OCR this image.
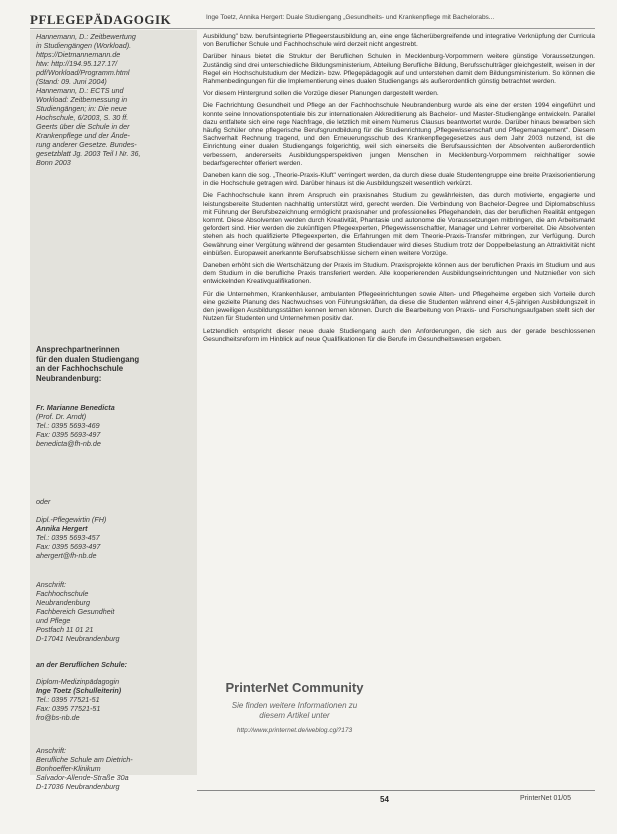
PFLEGEPÄDAGOGIK	Inge Toetz, Annika Hergert: Duale Studiengang „Gesundheits- und Krankenpflege mit Bachelorabs...
Hannemann, D.: Zeitbewertung
in Studiengängen (Workload).
https://Dietmannemann.de
htw: http://194.95.127.17/
pdf/Workload/Programm.html
(Stand: 09. Juni 2004)
Hannemann, D.: ECTS und
Workload: Zeitbemessung in
Studiengängen; in: Die neue
Hochschule, 6/2003, S. 30 ff.
Geerts über die Schule in der
Krankenpflege und der Ände-
rung anderer Gesetze. Bundes-
gesetzblatt Jg. 2003 Teil I Nr. 36,
Bonn 2003
Ansprechpartnerinnen
für den dualen Studiengang
an der Fachhochschule
Neubrandenburg:
Fr. Marianne Benedicta
(Prof. Dr. Arndt)
Tel.: 0395 5693-469
Fax: 0395 5693-497
benedicta@fh-nb.de
oder
Dipl.-Pflegewirtin (FH)
Annika Hergert
Tel.: 0395 5693-457
Fax: 0395 5693-497
ahergert@fh-nb.de
Anschrift:
Fachhochschule
Neubrandenburg
Fachbereich Gesundheit
und Pflege
Postfach 11 01 21
D-17041 Neubrandenburg
an der Beruflichen Schule:
Diplom-Medizinpädagogin
Inge Toetz (Schulleiterin)
Tel.: 0395 77521-51
Fax: 0395 77521-51
fro@bs-nb.de
Anschrift:
Berufliche Schule am Dietrich-
Bonhoeffer-Klinikum
Salvador-Allende-Straße 30a
D-17036 Neubrandenburg

Ausbildung" bzw. berufsintegrierte Pflegeerstausbildung an, eine enge fächerübergreifende und integrative Verknüpfung der Curricula von Beruflicher Schule und Fachhochschule wird derzeit nicht angestrebt.

Darüber hinaus bietet die Struktur der Beruflichen Schulen in Mecklenburg-Vorpommern weitere günstige Voraussetzungen. Zuständig sind drei unterschiedliche Bildungsministerium, Abteilung Berufliche Bildung, Berufsschulträger gleichgestellt, weisen in der Regel ein Hochschulstudium der Medizin- bzw. Pflegepädagogik auf und unterstehen damit dem Bildungsministerium. So können die Rahmenbedingungen für die Implementierung eines dualen Studiengangs als außerordentlich günstig betrachtet werden.

Vor diesem Hintergrund sollen die Vorzüge dieser Planungen dargestellt werden.

Die Fachrichtung Gesundheit und Pflege an der Fachhochschule Neubrandenburg wurde als eine der ersten 1994 eingeführt und konnte seine Innovationspotentiale bis zur internationalen Akkreditierung als Bachelor- und Master-Studiengänge entwickeln. Parallel dazu entfaltete sich eine rege Nachfrage, die letztlich mit einem Numerus Clausus beantwortet wurde. Darüber hinaus bewarben sich häufig Schüler ohne pflegerische Berufsgrundbildung für die Studienrichtung „Pflegewissenschaft und Pflegemanagement". Diesem Sachverhalt Rechnung tragend, und den Erneuerungsschub des Krankenpflegegesetzes aus dem Jahr 2003 nutzend, ist die Einrichtung einer dualen Studiengangs folgerichtig, weil sich einerseits die Berufsaussichten der Absolventen außerordentlich verbessern, andererseits Ausbildungsperspektiven jungen Menschen in Mecklenburg-Vorpommern reichhaltiger sowie bedarfsgerechter offeriert werden.

Daneben kann die sog. „Theorie-Praxis-Kluft" verringert werden, da durch diese duale Studentengruppe eine breite Praxisorientierung in die Hochschule getragen wird. Darüber hinaus ist die Ausbildungszeit wesentlich verkürzt.

Die Fachhochschule kann ihrem Anspruch ein praxisnahes Studium zu gewährleisten, das durch motivierte, engagierte und leistungsbereite Studenten nachhaltig unterstützt wird, gerecht werden. Die Verbindung von Bachelor-Degree und Diplomabschluss mit Führung der Berufsbezeichnung ermöglicht praxisnaher und professionelles Pflegehandeln, das der beruflichen Realität entgegen kommt. Diese Absolventen werden durch Kreativität, Phantasie und autonome die Voraussetzungen mitbringen, die am Arbeitsmarkt gefordert sind. Hier werden die zukünftigen Pflegeexperten, Pflegewissenschaftler, Manager und Lehrer vorbereitet. Die Absolventen stehen als hoch qualifizierte Pflegeexperten, die Erfahrungen mit dem Theorie-Praxis-Transfer mitbringen, zur Verfügung. Durch Gewährung einer Vergütung während der gesamten Studiendauer wird dieses Studium trotz der Doppelbelastung an Attraktivität nicht einbüßen. Europaweit anerkannte Berufsabschlüsse sichern einen weitere Vorzüge.

Daneben erhöht sich die Wertschätzung der Praxis im Studium. Praxisprojekte können aus der beruflichen Praxis im Studium und aus dem Studium in die berufliche Praxis transferiert werden. Alle kooperierenden Ausbildungseinrichtungen und Nutznießer von sich entwickelnden Kreativqualifikationen.

Für die Unternehmen, Krankenhäuser, ambulanten Pflegeeinrichtungen sowie Alten- und Pflegeheime ergeben sich Vorteile durch eine gezielte Planung des Nachwuchses von Führungskräften, da diese die Studenten während einer 4,5-jährigen Ausbildungszeit in den jeweiligen Ausbildungsstätten kennen lernen können. Durch die Bearbeitung von Praxis- und Forschungsaufgaben stellt sich der Nutzen für Studenten und Unternehmen positiv dar.

Letztendlich entspricht dieser neue duale Studiengang auch den Anforderungen, die sich aus der gerade beschlossenen Gesundheitsreform im Hinblick auf neue Qualifikationen für die Berufe im Gesundheitswesen ergeben.

PrinterNet Community
Sie finden weitere Informationen zu
diesem Artikel unter
http://www.printernet.de/weblog.cgi?173
54	PrinterNet 01/05
